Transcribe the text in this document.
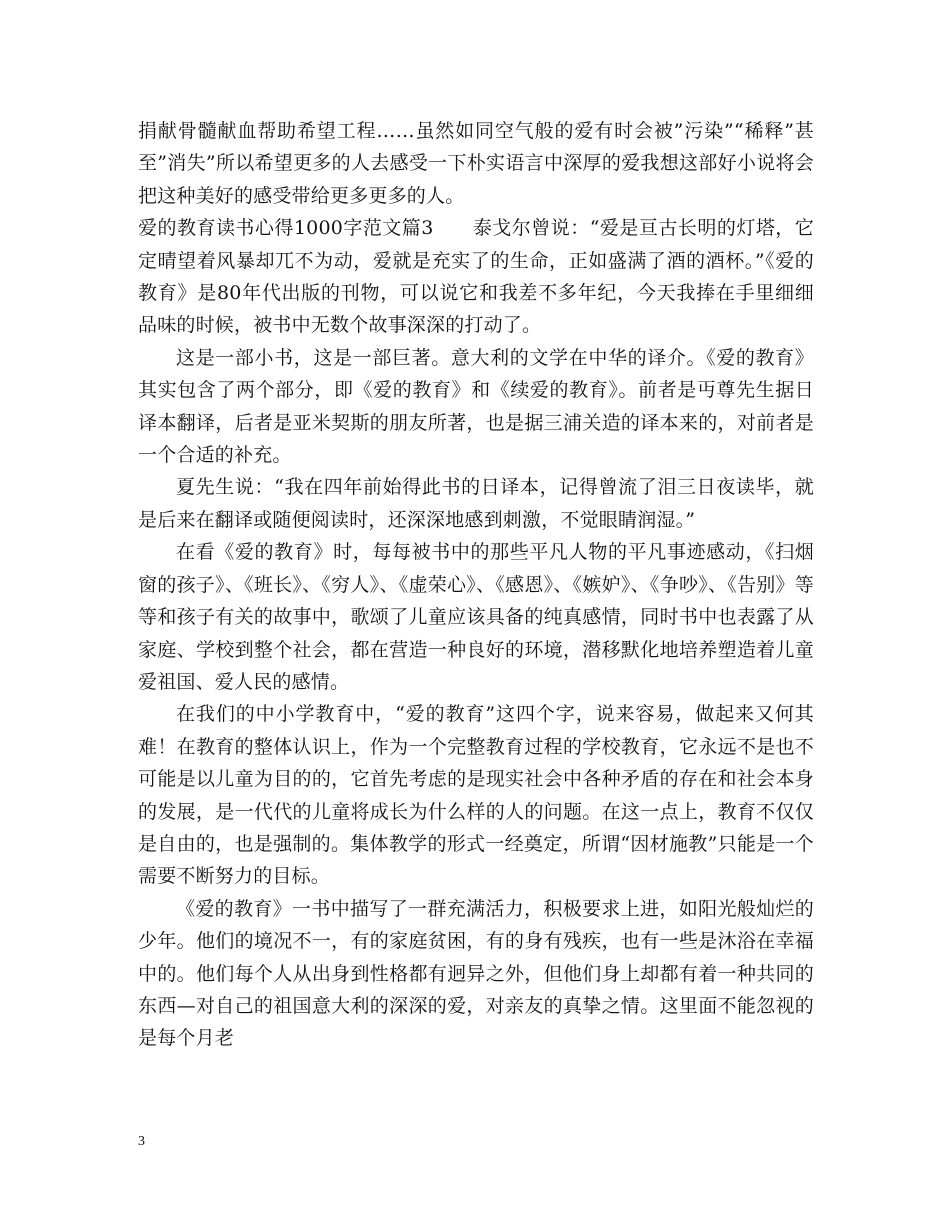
捐献骨髓献血帮助希望工程……虽然如同空气般的爱有时会被”污染”“稀释”甚至”消失”所以希望更多的人去感受一下朴实语言中深厚的爱我想这部好小说将会把这种美好的感受带给更多更多的人。

爱的教育读书心得1000字范文篇3　　泰戈尔曾说：“爱是亘古长明的灯塔，它定晴望着风暴却兀不为动，爱就是充实了的生命，正如盛满了酒的酒杯。”《爱的教育》是80年代出版的刊物，可以说它和我差不多年纪，今天我捧在手里细细品味的时候，被书中无数个故事深深的打动了。

这是一部小书，这是一部巨著。意大利的文学在中华的译介。《爱的教育》其实包含了两个部分，即《爱的教育》和《续爱的教育》。前者是丏尊先生据日译本翻译，后者是亚米契斯的朋友所著，也是据三浦关造的译本来的，对前者是一个合适的补充。

夏先生说：“我在四年前始得此书的日译本，记得曾流了泪三日夜读毕，就是后来在翻译或随便阅读时，还深深地感到刺激，不觉眼睛润湿。”

在看《爱的教育》时，每每被书中的那些平凡人物的平凡事迹感动，《扫烟窗的孩子》、《班长》、《穷人》、《虚荣心》、《感恩》、《嫉妒》、《争吵》、《告别》等等和孩子有关的故事中，歌颂了儿童应该具备的纯真感情，同时书中也表露了从家庭、学校到整个社会，都在营造一种良好的环境，潜移默化地培养塑造着儿童爱祖国、爱人民的感情。

在我们的中小学教育中，“爱的教育”这四个字，说来容易，做起来又何其难！在教育的整体认识上，作为一个完整教育过程的学校教育，它永远不是也不可能是以儿童为目的的，它首先考虑的是现实社会中各种矛盾的存在和社会本身的发展，是一代代的儿童将成长为什么样的人的问题。在这一点上，教育不仅仅是自由的，也是强制的。集体教学的形式一经奠定，所谓“因材施教”只能是一个需要不断努力的目标。

《爱的教育》一书中描写了一群充满活力，积极要求上进，如阳光般灿烂的少年。他们的境况不一，有的家庭贫困，有的身有残疾，也有一些是沐浴在幸福中的。他们每个人从出身到性格都有迥异之外，但他们身上却都有着一种共同的东西—对自己的祖国意大利的深深的爱，对亲友的真挚之情。这里面不能忽视的是每个月老

3
